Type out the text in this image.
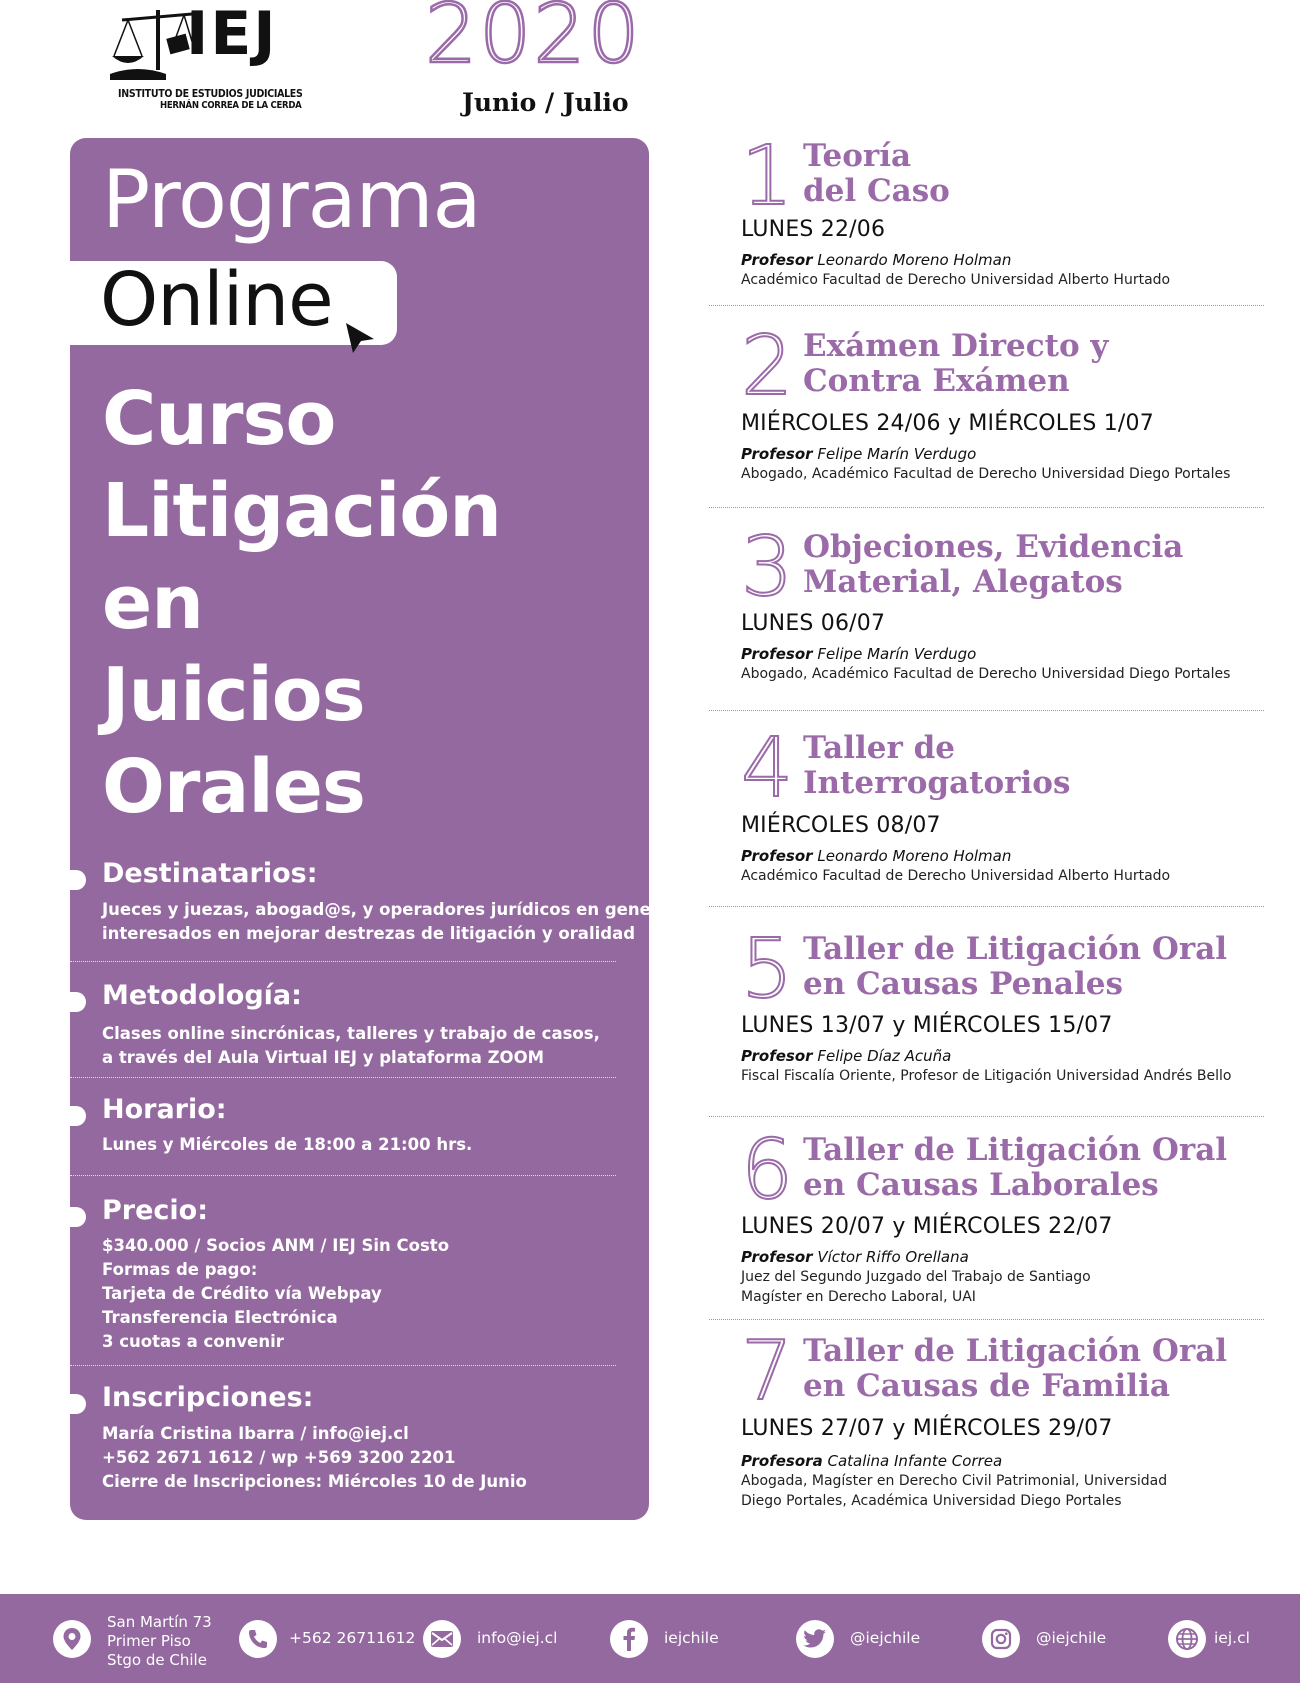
IEJ
INSTITUTO DE ESTUDIOS JUDICIALES
HERNÁN CORREA DE LA CERDA
2020
Junio / Julio
Programa
Online
Curso
Litigación
en
Juicios
Orales
Destinatarios:
Jueces y juezas, abogad@s, y operadores jurídicos en general,
interesados en mejorar destrezas de litigación y oralidad
Metodología:
Clases online sincrónicas, talleres y trabajo de casos,
a través del Aula Virtual IEJ y plataforma ZOOM
Horario:
Lunes y Miércoles de 18:00 a 21:00 hrs.
Precio:
$340.000 / Socios ANM / IEJ Sin Costo
Formas de pago:
Tarjeta de Crédito vía Webpay
Transferencia Electrónica
3 cuotas a convenir
Inscripciones:
María Cristina Ibarra / info@iej.cl
+562 2671 1612 / wp +569 3200 2201
Cierre de Inscripciones: Miércoles 10 de Junio
1 Teoría
del Caso
LUNES 22/06
Profesor Leonardo Moreno Holman
Académico Facultad de Derecho Universidad Alberto Hurtado
2 Exámen Directo y
Contra Exámen
MIÉRCOLES 24/06 y MIÉRCOLES 1/07
Profesor Felipe Marín Verdugo
Abogado, Académico Facultad de Derecho Universidad Diego Portales
3 Objeciones, Evidencia
Material, Alegatos
LUNES 06/07
Profesor Felipe Marín Verdugo
Abogado, Académico Facultad de Derecho Universidad Diego Portales
4 Taller de
Interrogatorios
MIÉRCOLES 08/07
Profesor Leonardo Moreno Holman
Académico Facultad de Derecho Universidad Alberto Hurtado
5 Taller de Litigación Oral
en Causas Penales
LUNES 13/07 y MIÉRCOLES 15/07
Profesor Felipe Díaz Acuña
Fiscal Fiscalía Oriente, Profesor de Litigación Universidad Andrés Bello
6 Taller de Litigación Oral
en Causas Laborales
LUNES 20/07 y MIÉRCOLES 22/07
Profesor Víctor Riffo Orellana
Juez del Segundo Juzgado del Trabajo de Santiago
Magíster en Derecho Laboral, UAI
7 Taller de Litigación Oral
en Causas de Familia
LUNES 27/07 y MIÉRCOLES 29/07
Profesora Catalina Infante Correa
Abogada, Magíster en Derecho Civil Patrimonial, Universidad
Diego Portales, Académica Universidad Diego Portales
San Martín 73
Primer Piso
Stgo de Chile
+562 26711612	info@iej.cl	iejchile	@iejchile	@iejchile	iej.cl
